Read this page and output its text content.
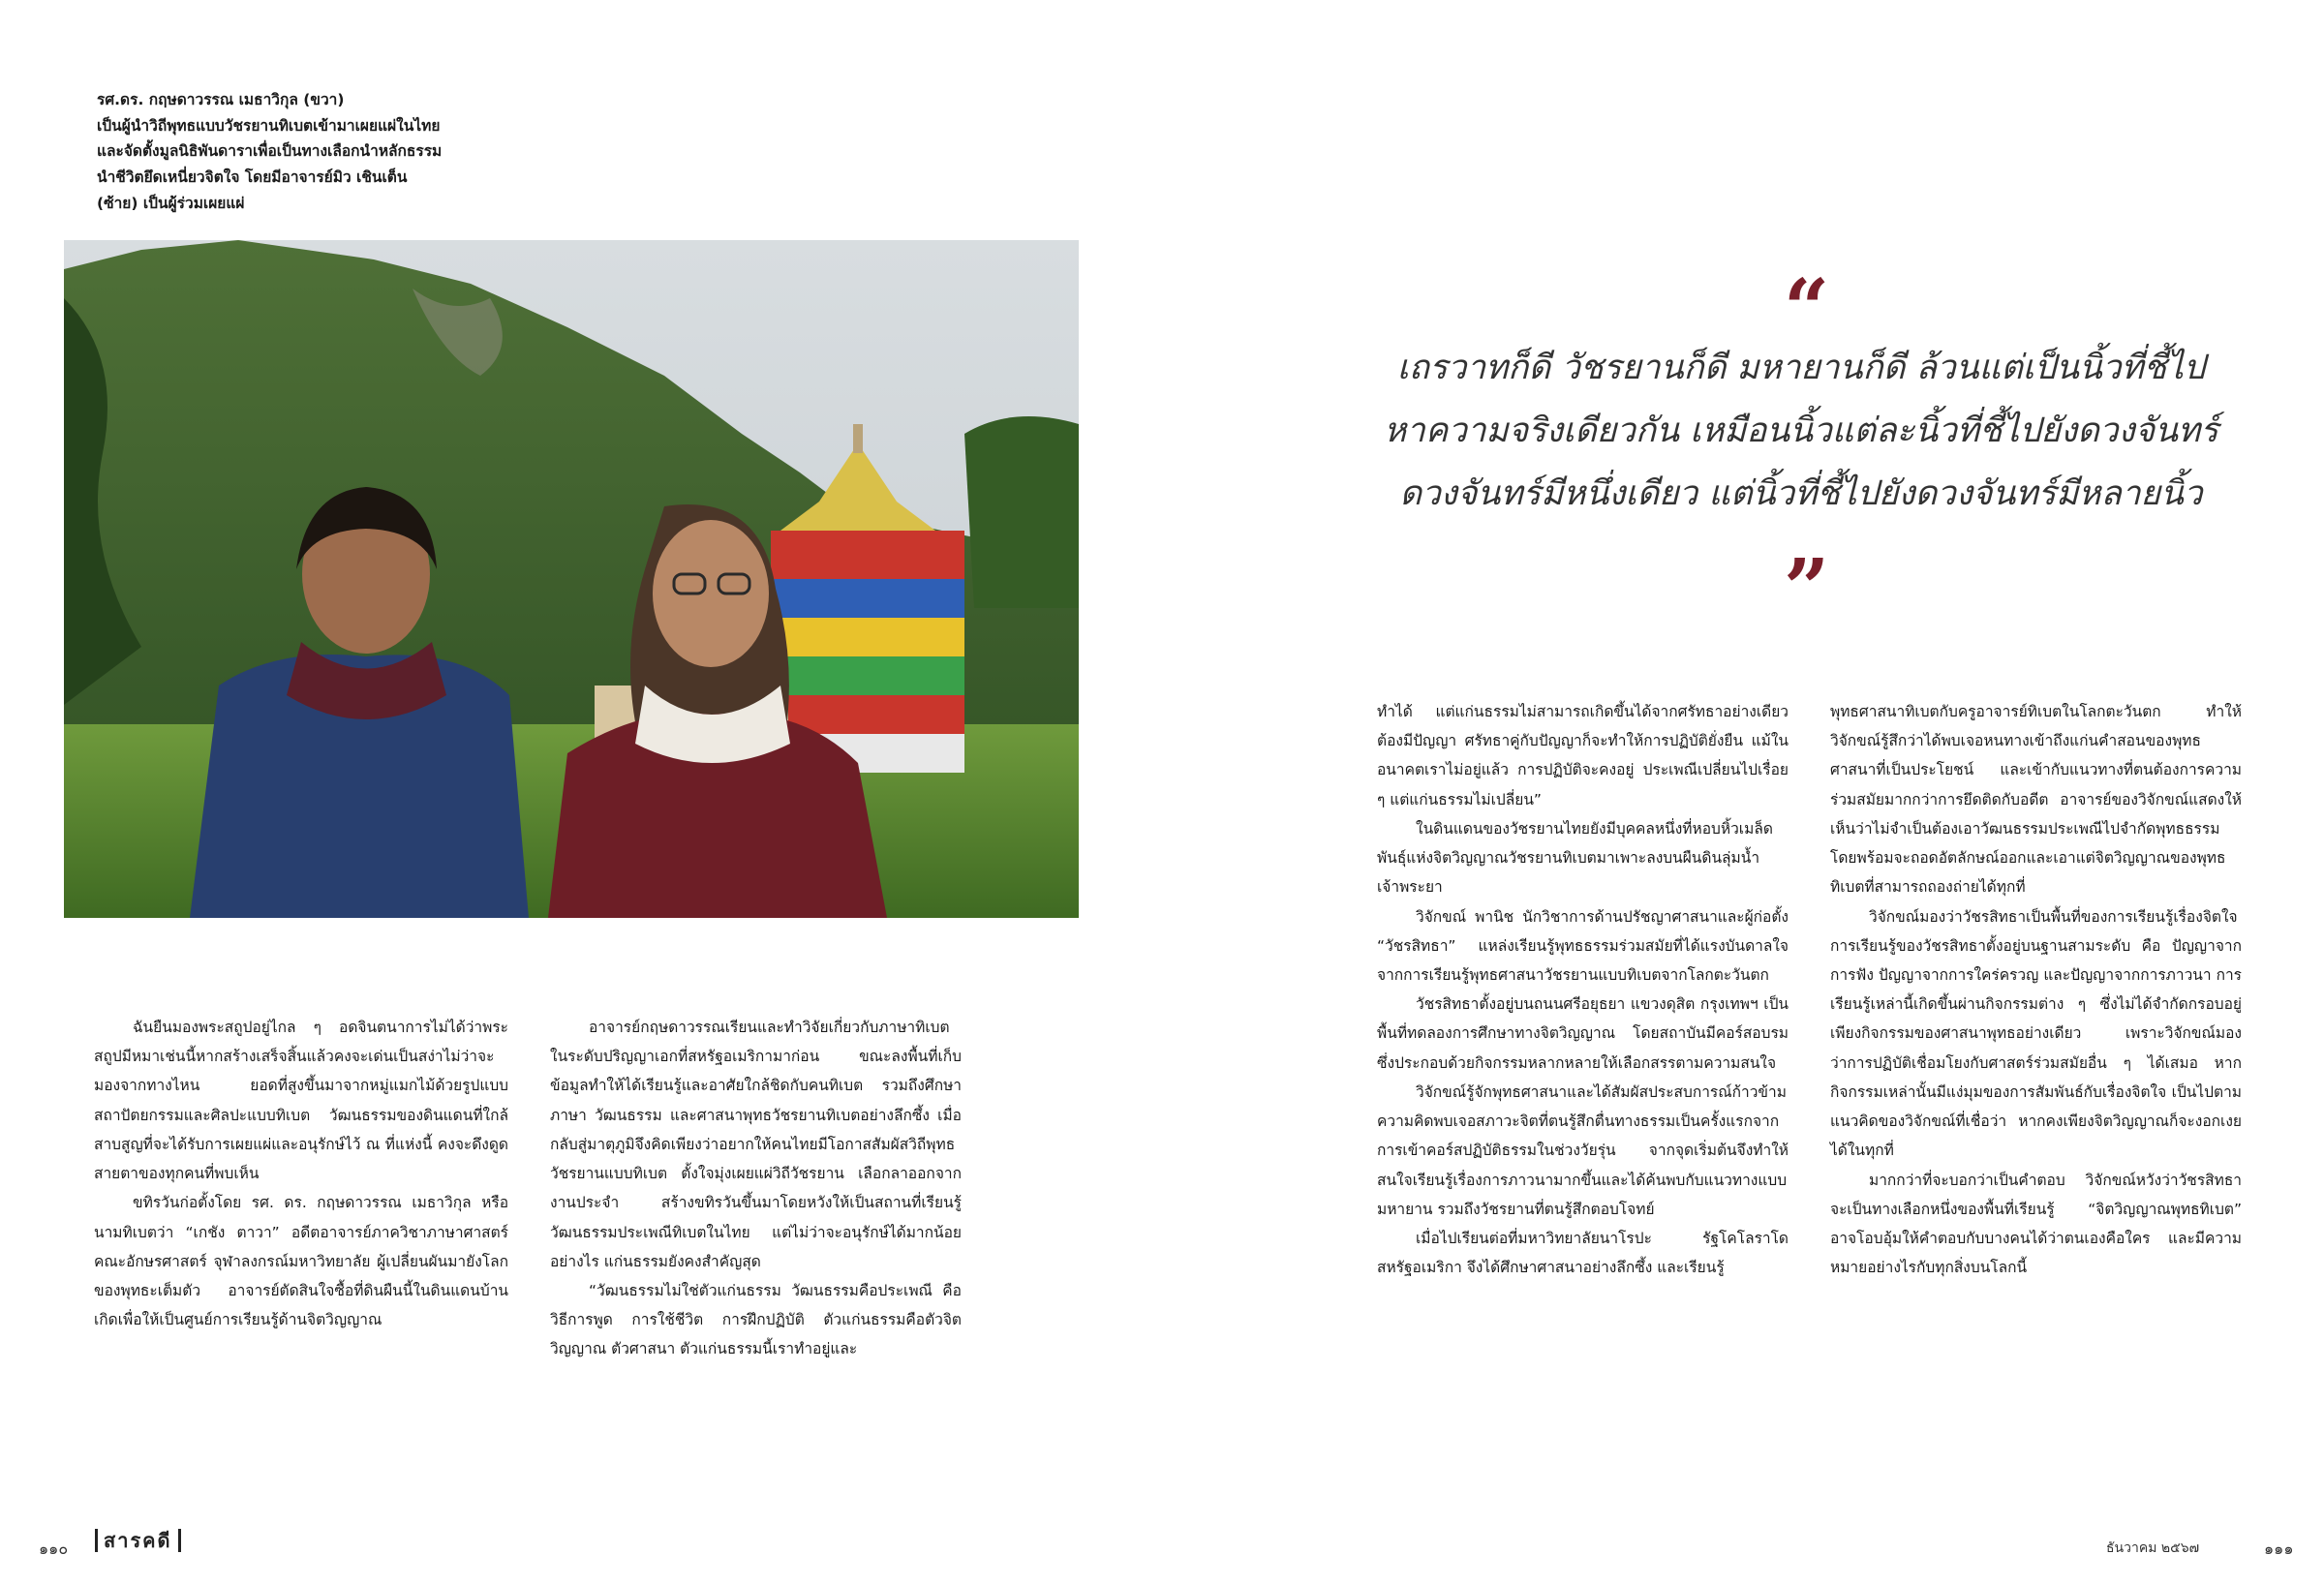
รศ.ดร. กฤษดาวรรณ เมธาวิกุล (ขวา)
เป็นผู้นำวิถีพุทธแบบวัชรยานทิเบตเข้ามาเผยแผ่ในไทย
และจัดตั้งมูลนิธิพันดาราเพื่อเป็นทางเลือกนำหลักธรรม
นำชีวิตยึดเหนี่ยวจิตใจ โดยมีอาจารย์มิว เชินเต็น
(ซ้าย) เป็นผู้ร่วมเผยแผ่

ฉันยืนมองพระสถูปอยู่ไกล ๆ อดจินตนาการไม่ได้ว่าพระสถูปมีหมาเช่นนี้หากสร้างเสร็จสิ้นแล้วคงจะเด่นเป็นสง่าไม่ว่าจะมองจากทางไหน ยอดที่สูงขึ้นมาจากหมู่แมกไม้ด้วยรูปแบบสถาปัตยกรรมและศิลปะแบบทิเบต วัฒนธรรมของดินแดนที่ใกล้สาบสูญที่จะได้รับการเผยแผ่และอนุรักษ์ไว้ ณ ที่แห่งนี้ คงจะดึงดูดสายตาของทุกคนที่พบเห็น

ขทิรวันก่อตั้งโดย รศ. ดร. กฤษดาวรรณ เมธาวิกุล หรือนามทิเบตว่า “เกชัง ตาวา” อดีตอาจารย์ภาควิชาภาษาศาสตร์ คณะอักษรศาสตร์ จุฬาลงกรณ์มหาวิทยาลัย ผู้เปลี่ยนผันมายังโลกของพุทธะเต็มตัว อาจารย์ตัดสินใจซื้อที่ดินผืนนี้ในดินแดนบ้านเกิดเพื่อให้เป็นศูนย์การเรียนรู้ด้านจิตวิญญาณ

อาจารย์กฤษดาวรรณเรียนและทำวิจัยเกี่ยวกับภาษาทิเบตในระดับปริญญาเอกที่สหรัฐอเมริกามาก่อน ขณะลงพื้นที่เก็บข้อมูลทำให้ได้เรียนรู้และอาศัยใกล้ชิดกับคนทิเบต รวมถึงศึกษาภาษา วัฒนธรรม และศาสนาพุทธวัชรยานทิเบตอย่างลึกซึ้ง เมื่อกลับสู่มาตุภูมิจึงคิดเพียงว่าอยากให้คนไทยมีโอกาสสัมผัสวิถีพุทธวัชรยานแบบทิเบต ตั้งใจมุ่งเผยแผ่วิถีวัชรยาน เลือกลาออกจากงานประจำ สร้างขทิรวันขึ้นมาโดยหวังให้เป็นสถานที่เรียนรู้วัฒนธรรมประเพณีทิเบตในไทย แต่ไม่ว่าจะอนุรักษ์ได้มากน้อยอย่างไร แก่นธรรมยังคงสำคัญสุด

“วัฒนธรรมไม่ใช่ตัวแก่นธรรม วัฒนธรรมคือประเพณี คือวิธีการพูด การใช้ชีวิต การฝึกปฏิบัติ ตัวแก่นธรรมคือตัวจิตวิญญาณ ตัวศาสนา ตัวแก่นธรรมนี้เราทำอยู่และ

“

เถรวาทก็ดี วัชรยานก็ดี มหายานก็ดี ล้วนแต่เป็นนิ้วที่ชี้ไป
หาความจริงเดียวกัน เหมือนนิ้วแต่ละนิ้วที่ชี้ไปยังดวงจันทร์
ดวงจันทร์มีหนึ่งเดียว แต่นิ้วที่ชี้ไปยังดวงจันทร์มีหลายนิ้ว

”

ทำได้ แต่แก่นธรรมไม่สามารถเกิดขึ้นได้จากศรัทธาอย่างเดียว ต้องมีปัญญา ศรัทธาคู่กับปัญญาก็จะทำให้การปฏิบัติยั่งยืน แม้ในอนาคตเราไม่อยู่แล้ว การปฏิบัติจะคงอยู่ ประเพณีเปลี่ยนไปเรื่อย ๆ แต่แก่นธรรมไม่เปลี่ยน”

ในดินแดนของวัชรยานไทยยังมีบุคคลหนึ่งที่หอบหิ้วเมล็ดพันธุ์แห่งจิตวิญญาณวัชรยานทิเบตมาเพาะลงบนผืนดินลุ่มน้ำเจ้าพระยา

วิจักขณ์ พานิช นักวิชาการด้านปรัชญาศาสนาและผู้ก่อตั้ง “วัชรสิทธา” แหล่งเรียนรู้พุทธธรรมร่วมสมัยที่ได้แรงบันดาลใจจากการเรียนรู้พุทธศาสนาวัชรยานแบบทิเบตจากโลกตะวันตก

วัชรสิทธาตั้งอยู่บนถนนศรีอยุธยา แขวงดุสิต กรุงเทพฯ เป็นพื้นที่ทดลองการศึกษาทางจิตวิญญาณ โดยสถาบันมีคอร์สอบรมซึ่งประกอบด้วยกิจกรรมหลากหลายให้เลือกสรรตามความสนใจ

วิจักขณ์รู้จักพุทธศาสนาและได้สัมผัสประสบการณ์ก้าวข้ามความคิดพบเจอสภาวะจิตที่ตนรู้สึกตื่นทางธรรมเป็นครั้งแรกจากการเข้าคอร์สปฏิบัติธรรมในช่วงวัยรุ่น จากจุดเริ่มต้นจึงทำให้สนใจเรียนรู้เรื่องการภาวนามากขึ้นและได้ค้นพบกับแนวทางแบบมหายาน รวมถึงวัชรยานที่ตนรู้สึกตอบโจทย์

เมื่อไปเรียนต่อที่มหาวิทยาลัยนาโรปะ รัฐโคโลราโด สหรัฐอเมริกา จึงได้ศึกษาศาสนาอย่างลึกซึ้ง และเรียนรู้

พุทธศาสนาทิเบตกับครูอาจารย์ทิเบตในโลกตะวันตก ทำให้วิจักขณ์รู้สึกว่าได้พบเจอหนทางเข้าถึงแก่นคำสอนของพุทธศาสนาที่เป็นประโยชน์ และเข้ากับแนวทางที่ตนต้องการความร่วมสมัยมากกว่าการยึดติดกับอดีต อาจารย์ของวิจักขณ์แสดงให้เห็นว่าไม่จำเป็นต้องเอาวัฒนธรรมประเพณีไปจำกัดพุทธธรรม โดยพร้อมจะถอดอัตลักษณ์ออกและเอาแต่จิตวิญญาณของพุทธทิเบตที่สามารถถองถ่ายได้ทุกที่

วิจักขณ์มองว่าวัชรสิทธาเป็นพื้นที่ของการเรียนรู้เรื่องจิตใจ การเรียนรู้ของวัชรสิทธาตั้งอยู่บนฐานสามระดับ คือ ปัญญาจากการฟัง ปัญญาจากการใคร่ครวญ และปัญญาจากการภาวนา การเรียนรู้เหล่านี้เกิดขึ้นผ่านกิจกรรมต่าง ๆ ซึ่งไม่ได้จำกัดกรอบอยู่เพียงกิจกรรมของศาสนาพุทธอย่างเดียว เพราะวิจักขณ์มองว่าการปฏิบัติเชื่อมโยงกับศาสตร์ร่วมสมัยอื่น ๆ ได้เสมอ หากกิจกรรมเหล่านั้นมีแง่มุมของการสัมพันธ์กับเรื่องจิตใจ เป็นไปตามแนวคิดของวิจักขณ์ที่เชื่อว่า หากคงเพียงจิตวิญญาณก็จะงอกเงยได้ในทุกที่

มากกว่าที่จะบอกว่าเป็นคำตอบ วิจักขณ์หวังว่าวัชรสิทธาจะเป็นทางเลือกหนึ่งของพื้นที่เรียนรู้ “จิตวิญญาณพุทธทิเบต” อาจโอบอุ้มให้คำตอบกับบางคนได้ว่าตนเองคือใคร และมีความหมายอย่างไรกับทุกสิ่งบนโลกนี้

๑๑๐	สารคดี	ธันวาคม ๒๕๖๗	๑๑๑
